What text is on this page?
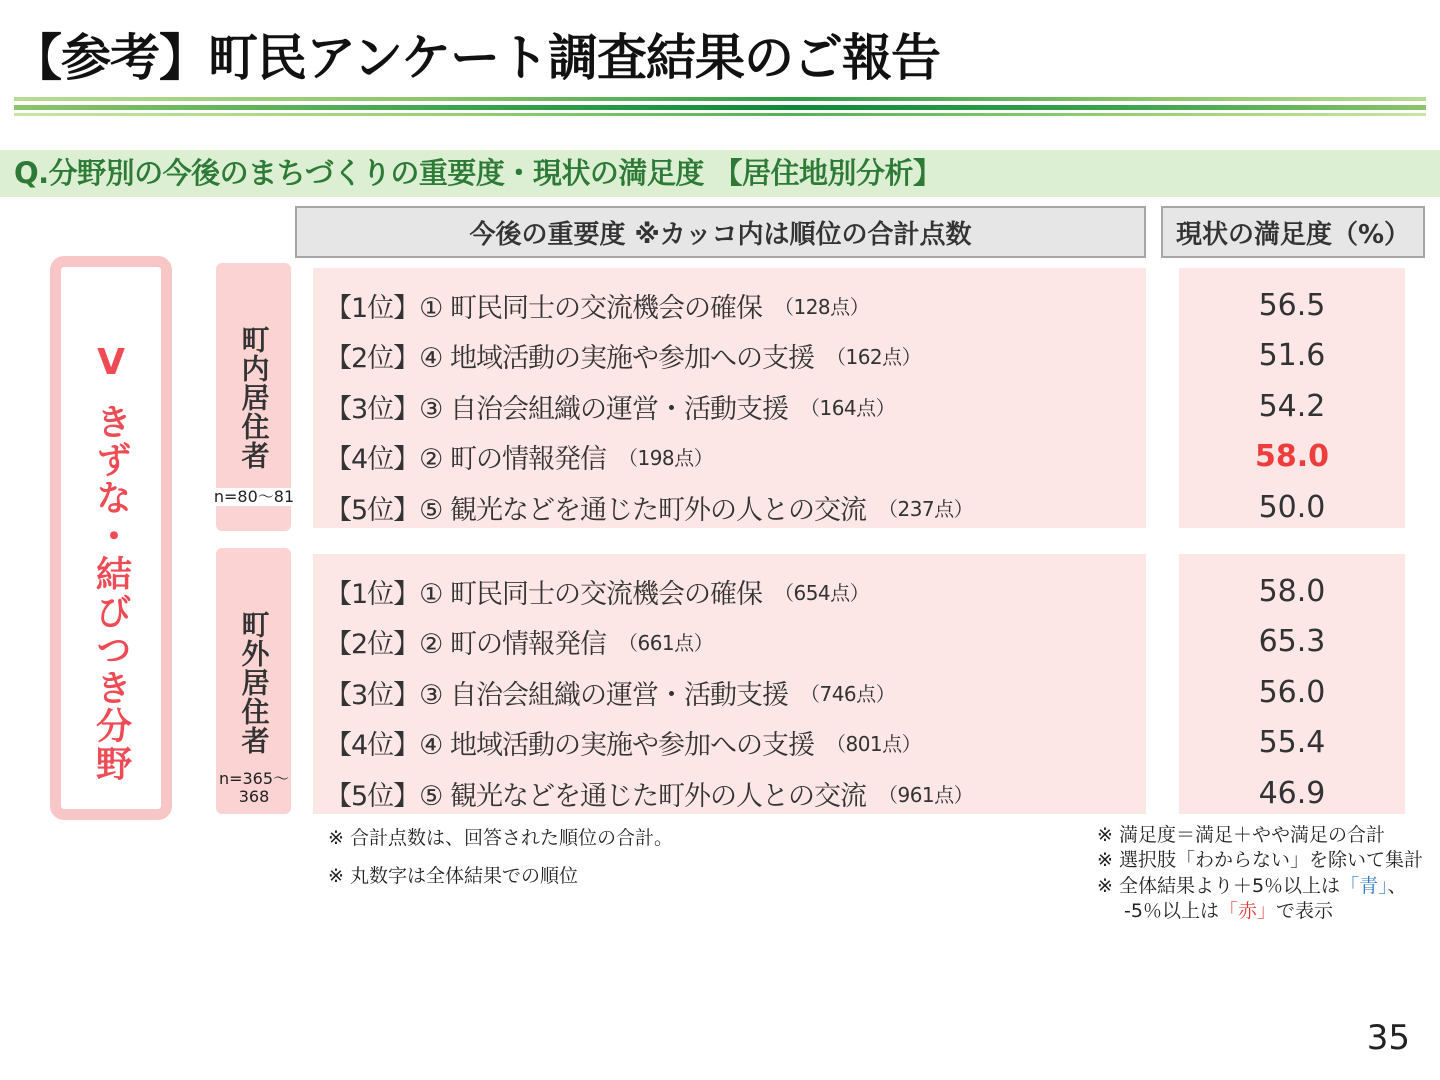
【参考】町民アンケート調査結果のご報告
Q.分野別の今後のまちづくりの重要度・現状の満足度 【居住地別分析】
今後の重要度 ※カッコ内は順位の合計点数	現状の満足度（%）
Ⅴ
きずな・結びつき分野
町内居住者
n=80～81
【1位】① 町民同士の交流機会の確保 （128点）
【2位】④ 地域活動の実施や参加への支援 （162点）
【3位】③ 自治会組織の運営・活動支援 （164点）
【4位】② 町の情報発信 （198点）
【5位】⑤ 観光などを通じた町外の人との交流 （237点）
56.5
51.6
54.2
58.0
50.0
町外居住者
n=365～
368
【1位】① 町民同士の交流機会の確保 （654点）
【2位】② 町の情報発信 （661点）
【3位】③ 自治会組織の運営・活動支援 （746点）
【4位】④ 地域活動の実施や参加への支援 （801点）
【5位】⑤ 観光などを通じた町外の人との交流 （961点）
58.0
65.3
56.0
55.4
46.9
※ 合計点数は、回答された順位の合計。
※ 丸数字は全体結果での順位
※ 満足度＝満足＋やや満足の合計
※ 選択肢「わからない」を除いて集計
※ 全体結果より＋5％以上は「青」、
-5％以上は「赤」で表示
35
